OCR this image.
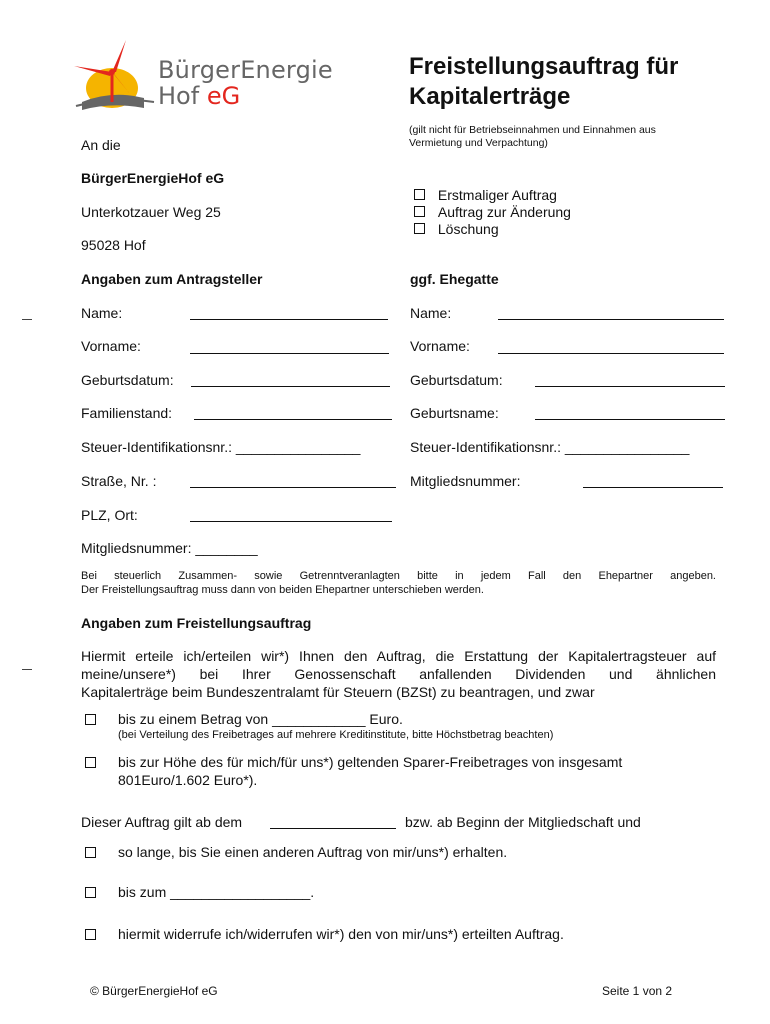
BürgerEnergie
Hof eG
Freistellungsauftrag für
Kapitalerträge
(gilt nicht für Betriebseinnahmen und Einnahmen aus
Vermietung und Verpachtung)
An die
BürgerEnergieHof eG
Unterkotzauer Weg 25
95028 Hof
Erstmaliger Auftrag
Auftrag zur Änderung
Löschung
Angaben zum Antragsteller
Name:
Vorname:
Geburtsdatum:
Familienstand:
Steuer-Identifikationsnr.: ________________
Straße, Nr. :
PLZ, Ort:
Mitgliedsnummer: ________
ggf. Ehegatte
Name:
Vorname:
Geburtsdatum:
Geburtsname:
Steuer-Identifikationsnr.: ________________
Mitgliedsnummer:
Bei steuerlich Zusammen- sowie Getrenntveranlagten bitte in jedem Fall den Ehepartner angeben.
Der Freistellungsauftrag muss dann von beiden Ehepartner unterschieben werden.
Angaben zum Freistellungsauftrag
Hiermit erteile ich/erteilen wir*) Ihnen den Auftrag, die Erstattung der Kapitalertragsteuer auf
meine/unsere*) bei Ihrer Genossenschaft anfallenden Dividenden und ähnlichen
Kapitalerträge beim Bundeszentralamt für Steuern (BZSt) zu beantragen, und zwar
bis zu einem Betrag von ____________ Euro.
(bei Verteilung des Freibetrages auf mehrere Kreditinstitute, bitte Höchstbetrag beachten)
bis zur Höhe des für mich/für uns*) geltenden Sparer-Freibetrages von insgesamt
801Euro/1.602 Euro*).
Dieser Auftrag gilt ab dem	bzw. ab Beginn der Mitgliedschaft und
so lange, bis Sie einen anderen Auftrag von mir/uns*) erhalten.
bis zum __________________.
hiermit widerrufe ich/widerrufen wir*) den von mir/uns*) erteilten Auftrag.
© BürgerEnergieHof eG	Seite 1 von 2
